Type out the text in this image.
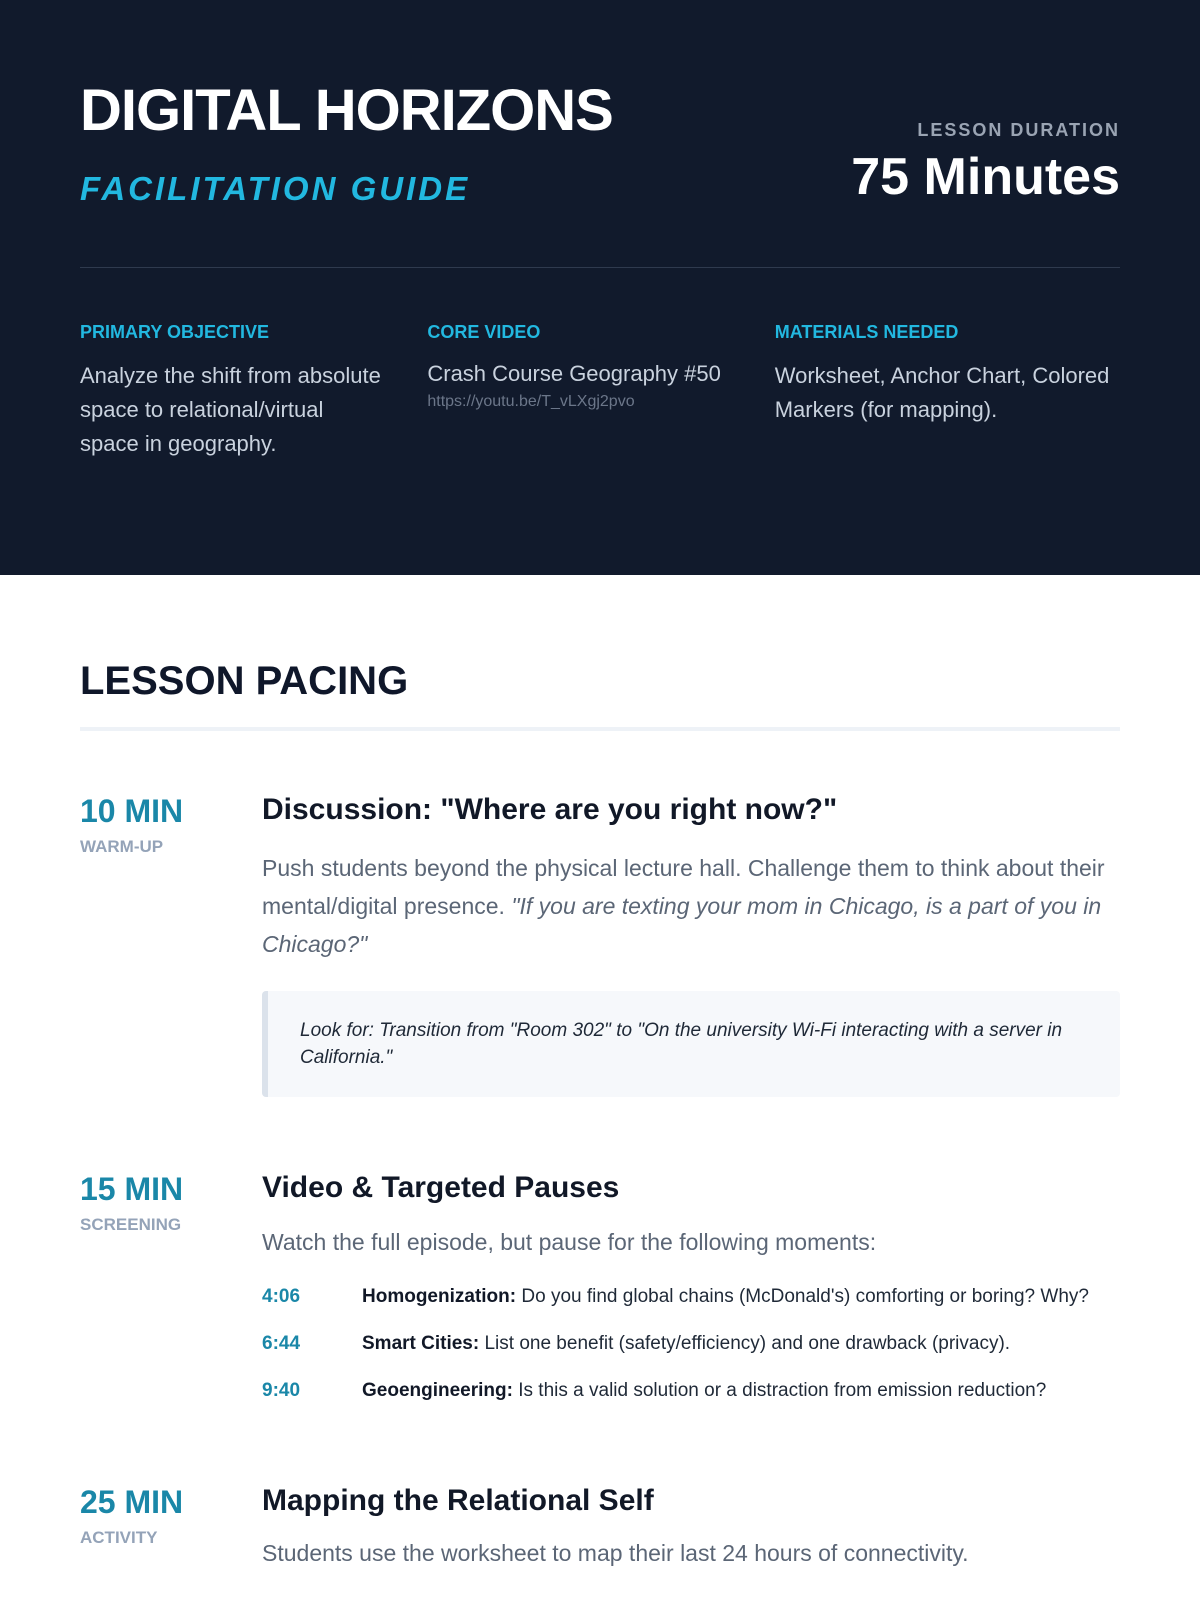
DIGITAL HORIZONS
FACILITATION GUIDE
LESSON DURATION
75 Minutes
PRIMARY OBJECTIVE
Analyze the shift from absolute space to relational/virtual space in geography.
CORE VIDEO
Crash Course Geography #50
https://youtu.be/T_vLXgj2pvo
MATERIALS NEEDED
Worksheet, Anchor Chart, Colored Markers (for mapping).
LESSON PACING
10 MIN
WARM-UP
Discussion: "Where are you right now?"

Push students beyond the physical lecture hall. Challenge them to think about their mental/digital presence. "If you are texting your mom in Chicago, is a part of you in Chicago?"

Look for: Transition from "Room 302" to "On the university Wi-Fi interacting with a server in California."
15 MIN
SCREENING
Video & Targeted Pauses

Watch the full episode, but pause for the following moments:

4:06	Homogenization: Do you find global chains (McDonald's) comforting or boring? Why?
6:44	Smart Cities: List one benefit (safety/efficiency) and one drawback (privacy).
9:40	Geoengineering: Is this a valid solution or a distraction from emission reduction?
25 MIN
ACTIVITY
Mapping the Relational Self

Students use the worksheet to map their last 24 hours of connectivity.
